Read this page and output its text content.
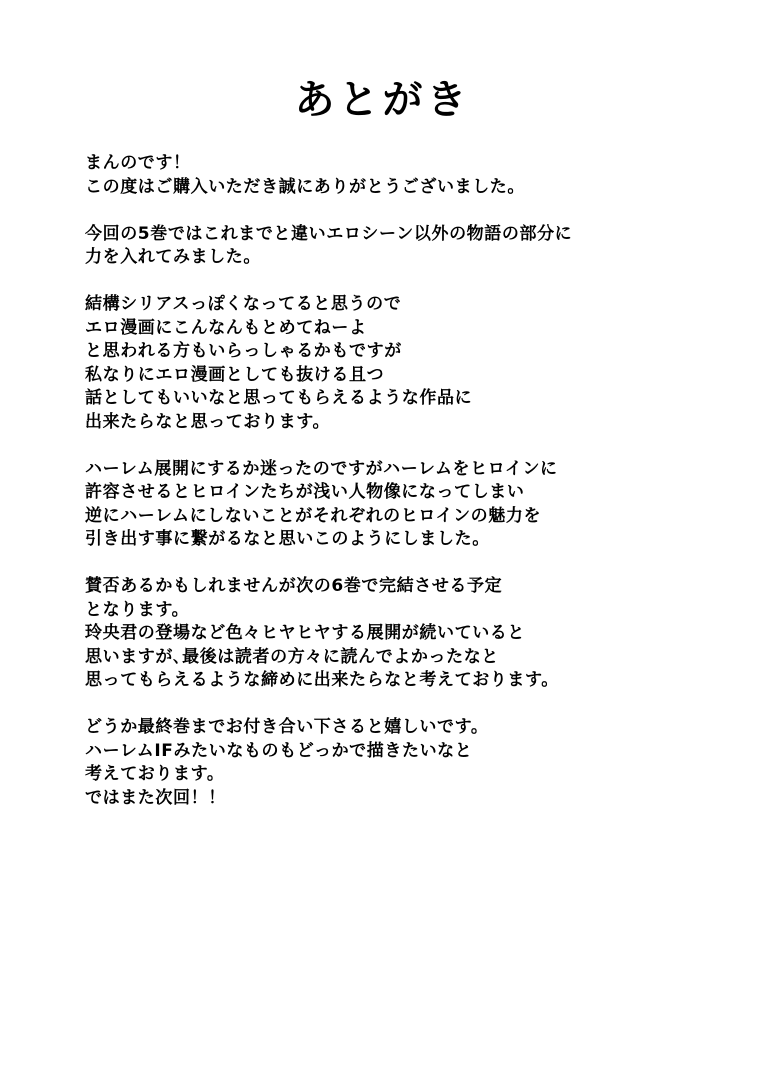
あとがき
まんのです！
この度はご購入いただき誠にありがとうございました。
今回の5巻ではこれまでと違いエロシーン以外の物語の部分に
力を入れてみました。
結構シリアスっぽくなってると思うので
エロ漫画にこんなんもとめてねーよ
と思われる方もいらっしゃるかもですが
私なりにエロ漫画としても抜ける且つ
話としてもいいなと思ってもらえるような作品に
出来たらなと思っております。
ハーレム展開にするか迷ったのですがハーレムをヒロインに
許容させるとヒロインたちが浅い人物像になってしまい
逆にハーレムにしないことがそれぞれのヒロインの魅力を
引き出す事に繋がるなと思いこのようにしました。
賛否あるかもしれませんが次の6巻で完結させる予定
となります。
玲央君の登場など色々ヒヤヒヤする展開が続いていると
思いますが､最後は読者の方々に読んでよかったなと
思ってもらえるような締めに出来たらなと考えております。
どうか最終巻までお付き合い下さると嬉しいです。
ハーレムIFみたいなものもどっかで描きたいなと
考えております。
ではまた次回！！
